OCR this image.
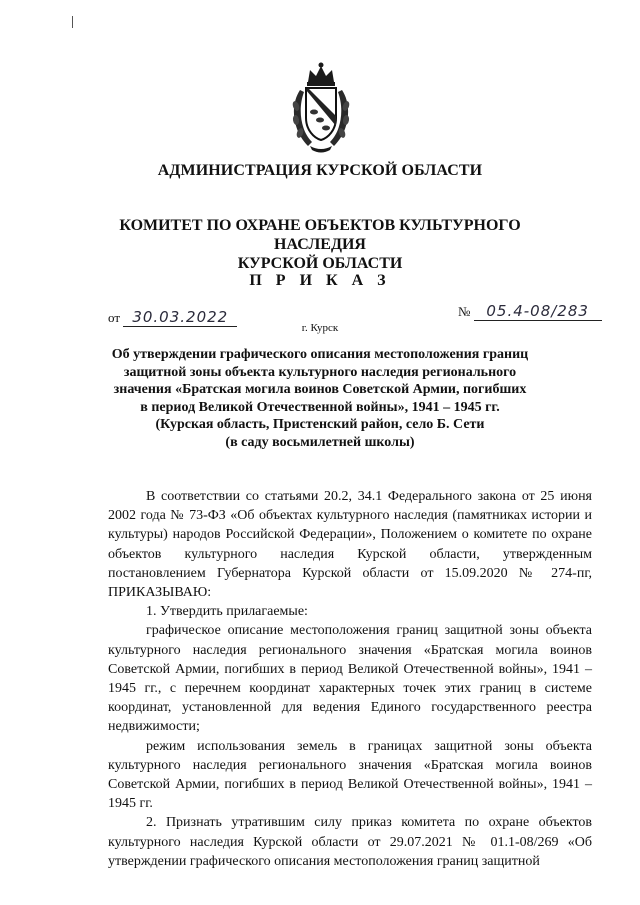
АДМИНИСТРАЦИЯ КУРСКОЙ ОБЛАСТИ
КОМИТЕТ ПО ОХРАНЕ ОБЪЕКТОВ КУЛЬТУРНОГО НАСЛЕДИЯ
КУРСКОЙ ОБЛАСТИ
П Р И К А З
от 30.03.2022	№ 05.4-08/283
г. Курск
Об утверждении графического описания местоположения границ
защитной зоны объекта культурного наследия регионального
значения «Братская могила воинов Советской Армии, погибших
в период Великой Отечественной войны», 1941 – 1945 гг.
(Курская область, Пристенский район, село Б. Сети
(в саду восьмилетней школы)

В соответствии со статьями 20.2, 34.1 Федерального закона от 25 июня 2002 года № 73-ФЗ «Об объектах культурного наследия (памятниках истории и культуры) народов Российской Федерации», Положением о комитете по охране объектов культурного наследия Курской области, утвержденным постановлением Губернатора Курской области от 15.09.2020 № 274-пг, ПРИКАЗЫВАЮ:

1. Утвердить прилагаемые:

графическое описание местоположения границ защитной зоны объекта культурного наследия регионального значения «Братская могила воинов Советской Армии, погибших в период Великой Отечественной войны», 1941 – 1945 гг., с перечнем координат характерных точек этих границ в системе координат, установленной для ведения Единого государственного реестра недвижимости;

режим использования земель в границах защитной зоны объекта культурного наследия регионального значения «Братская могила воинов Советской Армии, погибших в период Великой Отечественной войны», 1941 – 1945 гг.

2. Признать утратившим силу приказ комитета по охране объектов культурного наследия Курской области от 29.07.2021 № 01.1-08/269 «Об утверждении графического описания местоположения границ защитной
